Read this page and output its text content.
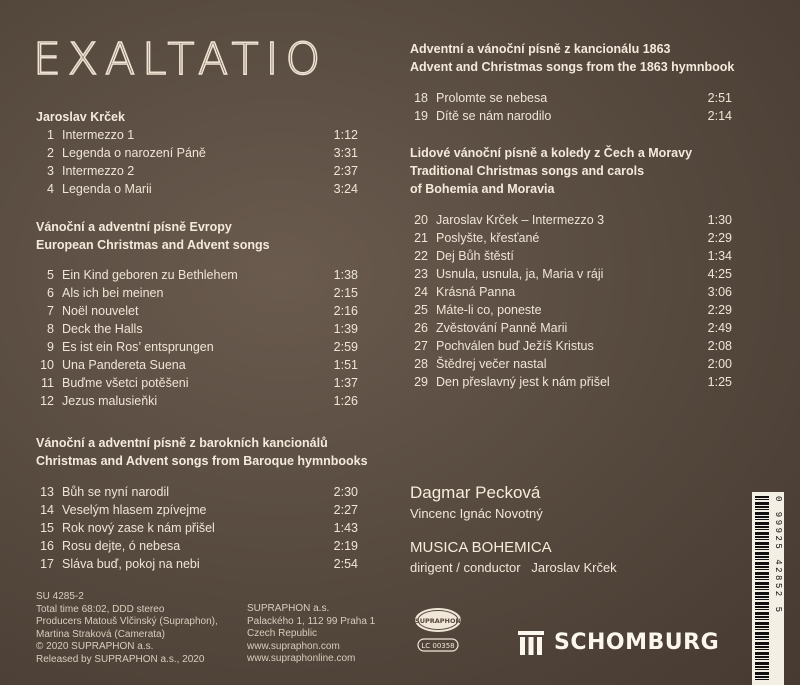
EXALTATIO
Jaroslav Krček
1 Intermezzo 1	1:12
2 Legenda o narození Páně	3:31
3 Intermezzo 2	2:37
4 Legenda o Marii	3:24
Vánoční a adventní písně Evropy
European Christmas and Advent songs
5 Ein Kind geboren zu Bethlehem	1:38
6 Als ich bei meinen	2:15
7 Noël nouvelet	2:16
8 Deck the Halls	1:39
9 Es ist ein Ros’ entsprungen	2:59
10 Una Pandereta Suena	1:51
11 Buďme všetci potěšeni	1:37
12 Jezus malusieňki	1:26
Vánoční a adventní písně z barokních kancionálů
Christmas and Advent songs from Baroque hymnbooks
13 Bůh se nyní narodil	2:30
14 Veselým hlasem zpívejme	2:27
15 Rok nový zase k nám přišel	1:43
16 Rosu dejte, ó nebesa	2:19
17 Sláva buď, pokoj na nebi	2:54
Adventní a vánoční písně z kancionálu 1863
Advent and Christmas songs from the 1863 hymnbook
18 Prolomte se nebesa	2:51
19 Dítě se nám narodilo	2:14
Lidové vánoční písně a koledy z Čech a Moravy
Traditional Christmas songs and carols
of Bohemia and Moravia
20 Jaroslav Krček – Intermezzo 3	1:30
21 Poslyšte, křesťané	2:29
22 Dej Bůh štěstí	1:34
23 Usnula, usnula, ja, Maria v ráji	4:25
24 Krásná Panna	3:06
25 Máte-li co, poneste	2:29
26 Zvěstování Panně Marii	2:49
27 Pochválen buď Ježíš Kristus	2:08
28 Štědrej večer nastal	2:00
29 Den přeslavný jest k nám přišel	1:25
Dagmar Pecková
Vincenc Ignác Novotný
MUSICA BOHEMICA
dirigent / conductor Jaroslav Krček
SU 4285-2
Total time 68:02, DDD stereo
Producers Matouš Vlčinský (Supraphon),
Martina Straková (Camerata)
© 2020 SUPRAPHON a.s.
Released by SUPRAPHON a.s., 2020
SUPRAPHON a.s.
Palackého 1, 112 99 Praha 1
Czech Republic
www.supraphon.com
www.supraphonline.com
SUPRAPHON
LC 00358	SCHOMBURG
0 99925 42852 5
